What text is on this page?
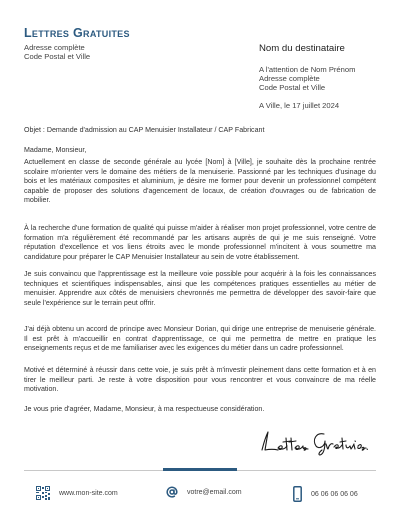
Lettres Gratuites
Adresse complète
Code Postal et Ville
Nom du destinataire
A l'attention de Nom Prénom
Adresse complète
Code Postal et Ville
A Ville, le 17 juillet 2024
Objet : Demande d'admission au CAP Menuisier Installateur / CAP Fabricant
Madame, Monsieur,
Actuellement en classe de seconde générale au lycée [Nom] à [Ville], je souhaite dès la prochaine rentrée scolaire m'orienter vers le domaine des métiers de la menuiserie. Passionné par les techniques d'usinage du bois et les matériaux composites et aluminium, je désire me former pour devenir un professionnel compétent capable de proposer des solutions d'agencement de locaux, de création d'ouvrages ou de fabrication de mobilier.
À la recherche d'une formation de qualité qui puisse m'aider à réaliser mon projet professionnel, votre centre de formation m'a régulièrement été recommandé par les artisans auprès de qui je me suis renseigné. Votre réputation d'excellence et vos liens étroits avec le monde professionnel m'incitent à vous soumettre ma candidature pour préparer le CAP Menuisier Installateur au sein de votre établissement.
Je suis convaincu que l'apprentissage est la meilleure voie possible pour acquérir à la fois les connaissances techniques et scientifiques indispensables, ainsi que les compétences pratiques essentielles au métier de menuisier. Apprendre aux côtés de menuisiers chevronnés me permettra de développer des savoir-faire que seule l'expérience sur le terrain peut offrir.
J'ai déjà obtenu un accord de principe avec Monsieur Dorian, qui dirige une entreprise de menuiserie générale. Il est prêt à m'accueillir en contrat d'apprentissage, ce qui me permettra de mettre en pratique les enseignements reçus et de me familiariser avec les exigences du métier dans un cadre professionnel.
Motivé et déterminé à réussir dans cette voie, je suis prêt à m'investir pleinement dans cette formation et à en tirer le meilleur parti. Je reste à votre disposition pour vous rencontrer et vous convaincre de ma réelle motivation.
Je vous prie d'agréer, Madame, Monsieur, à ma respectueuse considération.
www.mon-site.com	votre@email.com	06 06 06 06 06
